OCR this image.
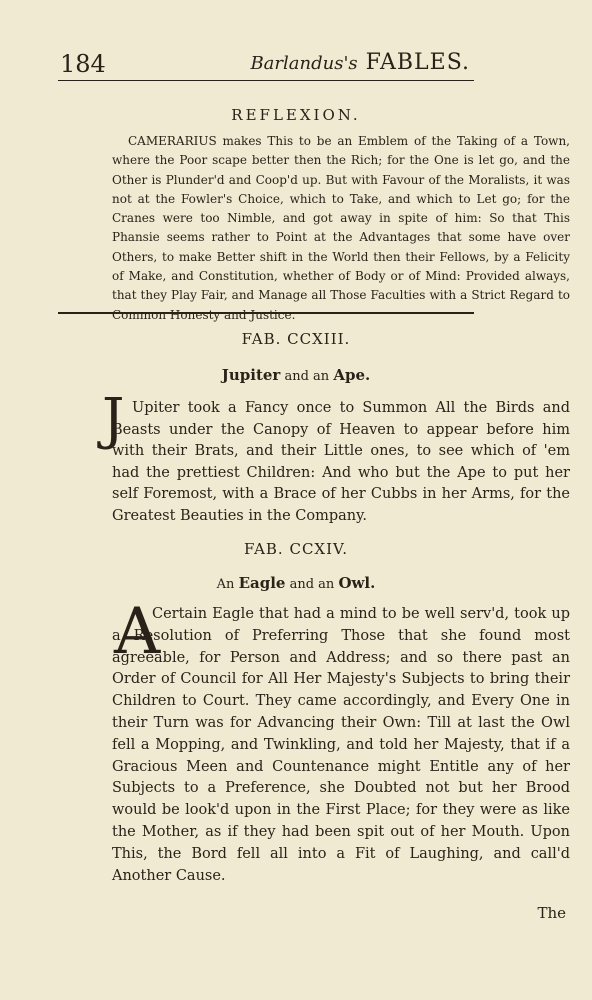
184	Barlandus's FABLES.
REFLEXION.

CAMERARIUS makes This to be an Emblem of the Taking of a Town, where the Poor scape better then the Rich; for the One is let go, and the Other is Plunder'd and Coop'd up. But with Favour of the Moralists, it was not at the Fowler's Choice, which to Take, and which to Let go; for the Cranes were too Nimble, and got away in spite of him: So that This Phansie seems rather to Point at the Advantages that some have over Others, to make Better shift in the World then their Fellows, by a Felicity of Make, and Constitution, whether of Body or of Mind: Provided always, that they Play Fair, and Manage all Those Faculties with a Strict Regard to Common Honesty and Justice.

FAB. CCXIII.
Jupiter and an Ape.
J Upiter took a Fancy once to Summon All the Birds and Beasts under the Canopy of Heaven to appear before him with their Brats, and their Little ones, to see which of 'em had the prettiest Children: And who but the Ape to put her self Foremost, with a Brace of her Cubbs in her Arms, for the Greatest Beauties in the Company.

FAB. CCXIV.
An Eagle and an Owl.
A

Certain Eagle that had a mind to be well serv'd, took up a Resolution of Preferring Those that she found most agreeable, for Person and Address; and so there past an Order of Council for All Her Majesty's Subjects to bring their Children to Court. They came accordingly, and Every One in their Turn was for Advancing their Own: Till at last the Owl fell a Mopping, and Twinkling, and told her Majesty, that if a Gracious Meen and Countenance might Entitle any of her Subjects to a Preference, she Doubted not but her Brood would be look'd upon in the First Place; for they were as like the Mother, as if they had been spit out of her Mouth. Upon This, the Bord fell all into a Fit of Laughing, and call'd Another Cause.

The
